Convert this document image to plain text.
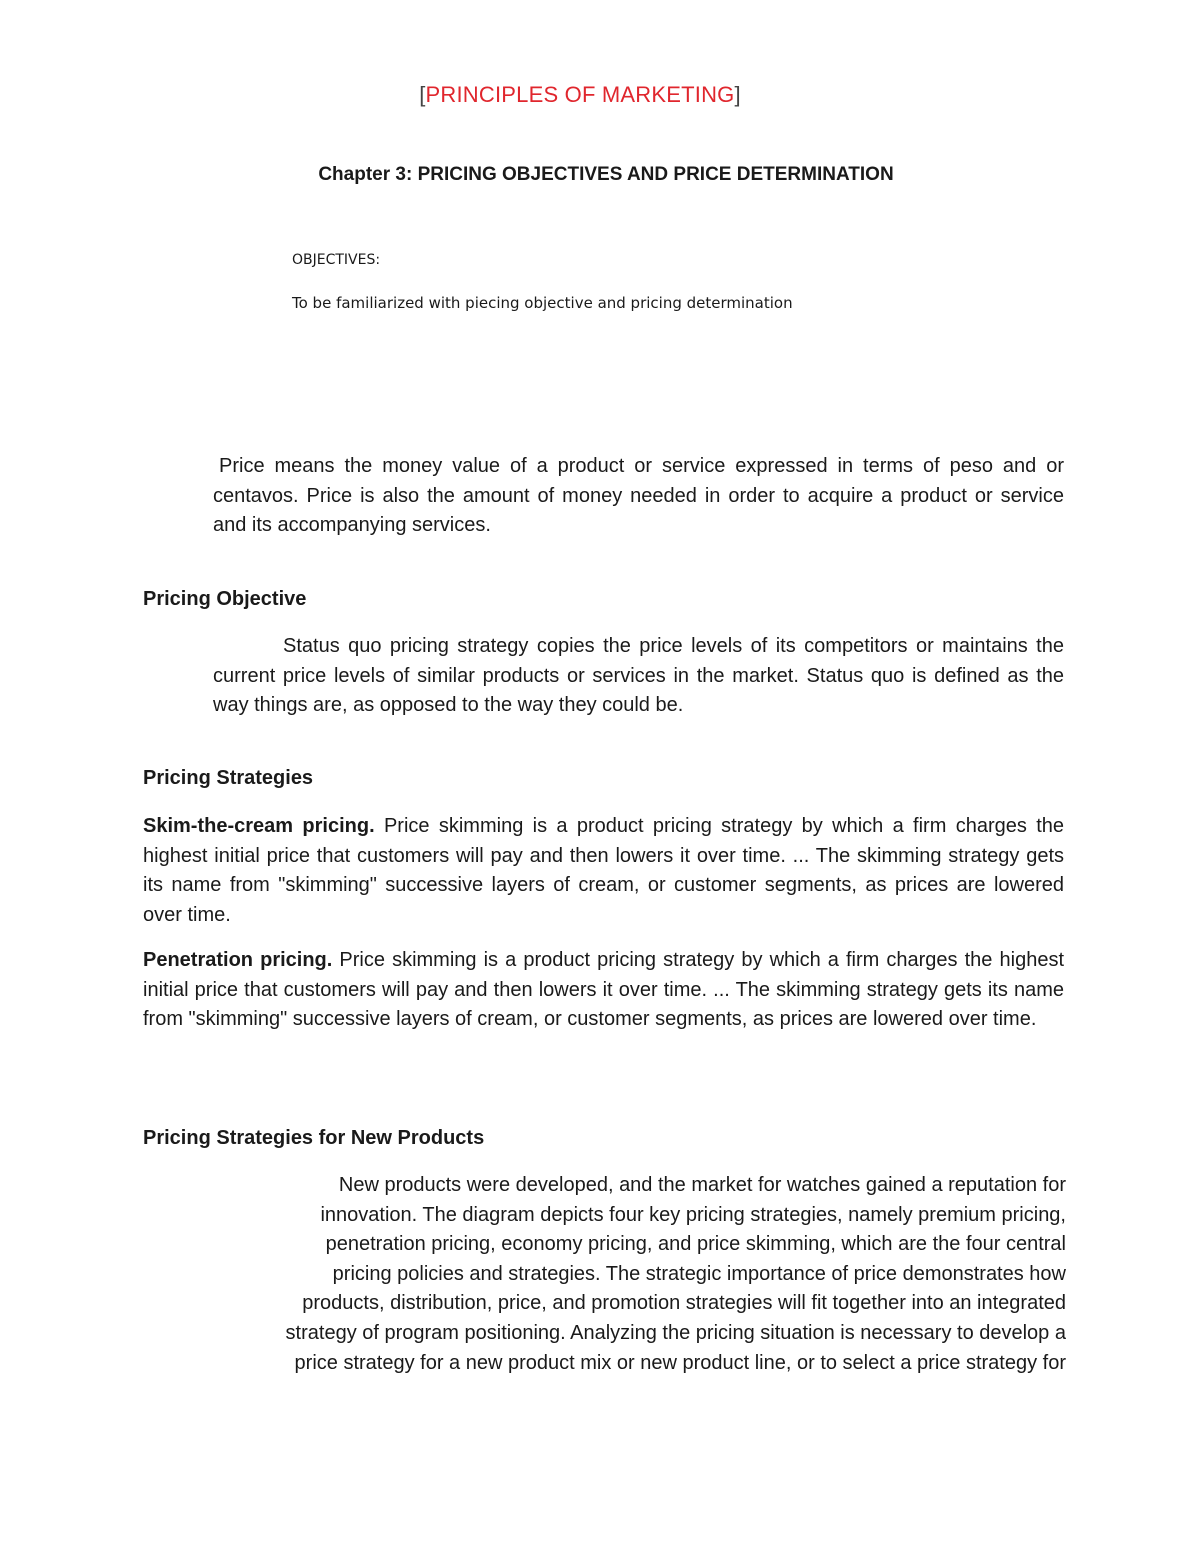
[PRINCIPLES OF MARKETING]
Chapter 3: PRICING OBJECTIVES AND PRICE DETERMINATION
OBJECTIVES:
To be familiarized with piecing objective and pricing determination
Price means the money value of a product or service expressed in terms of peso and or centavos. Price is also the amount of money needed in order to acquire a product or service and its accompanying services.
Pricing Objective
Status quo pricing strategy copies the price levels of its competitors or maintains the current price levels of similar products or services in the market. Status quo is defined as the way things are, as opposed to the way they could be.
Pricing Strategies
Skim-the-cream pricing. Price skimming is a product pricing strategy by which a firm charges the highest initial price that customers will pay and then lowers it over time. ... The skimming strategy gets its name from "skimming" successive layers of cream, or customer segments, as prices are lowered over time.
Penetration pricing. Price skimming is a product pricing strategy by which a firm charges the highest initial price that customers will pay and then lowers it over time. ... The skimming strategy gets its name from "skimming" successive layers of cream, or customer segments, as prices are lowered over time.
Pricing Strategies for New Products
New products were developed, and the market for watches gained a reputation for
innovation. The diagram depicts four key pricing strategies, namely premium pricing,
penetration pricing, economy pricing, and price skimming, which are the four central
pricing policies and strategies. The strategic importance of price demonstrates how
products, distribution, price, and promotion strategies will fit together into an integrated
strategy of program positioning. Analyzing the pricing situation is necessary to develop a
price strategy for a new product mix or new product line, or to select a price strategy for
